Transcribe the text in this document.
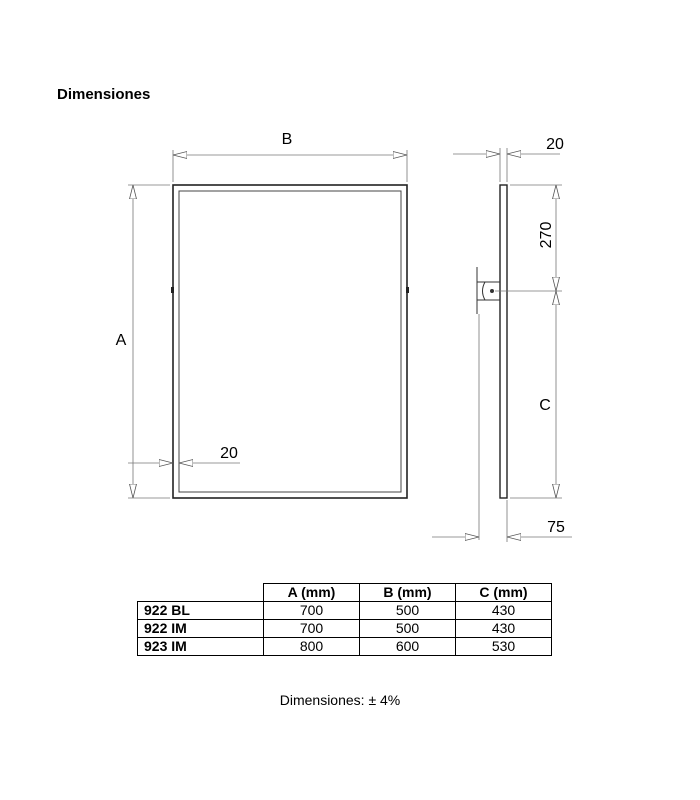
Dimensiones
B
A
20
20
270
C
75
	A (mm)	B (mm)	C (mm)
922 BL	700	500	430
922 IM	700	500	430
923 IM	800	600	530
Dimensiones: ± 4%
